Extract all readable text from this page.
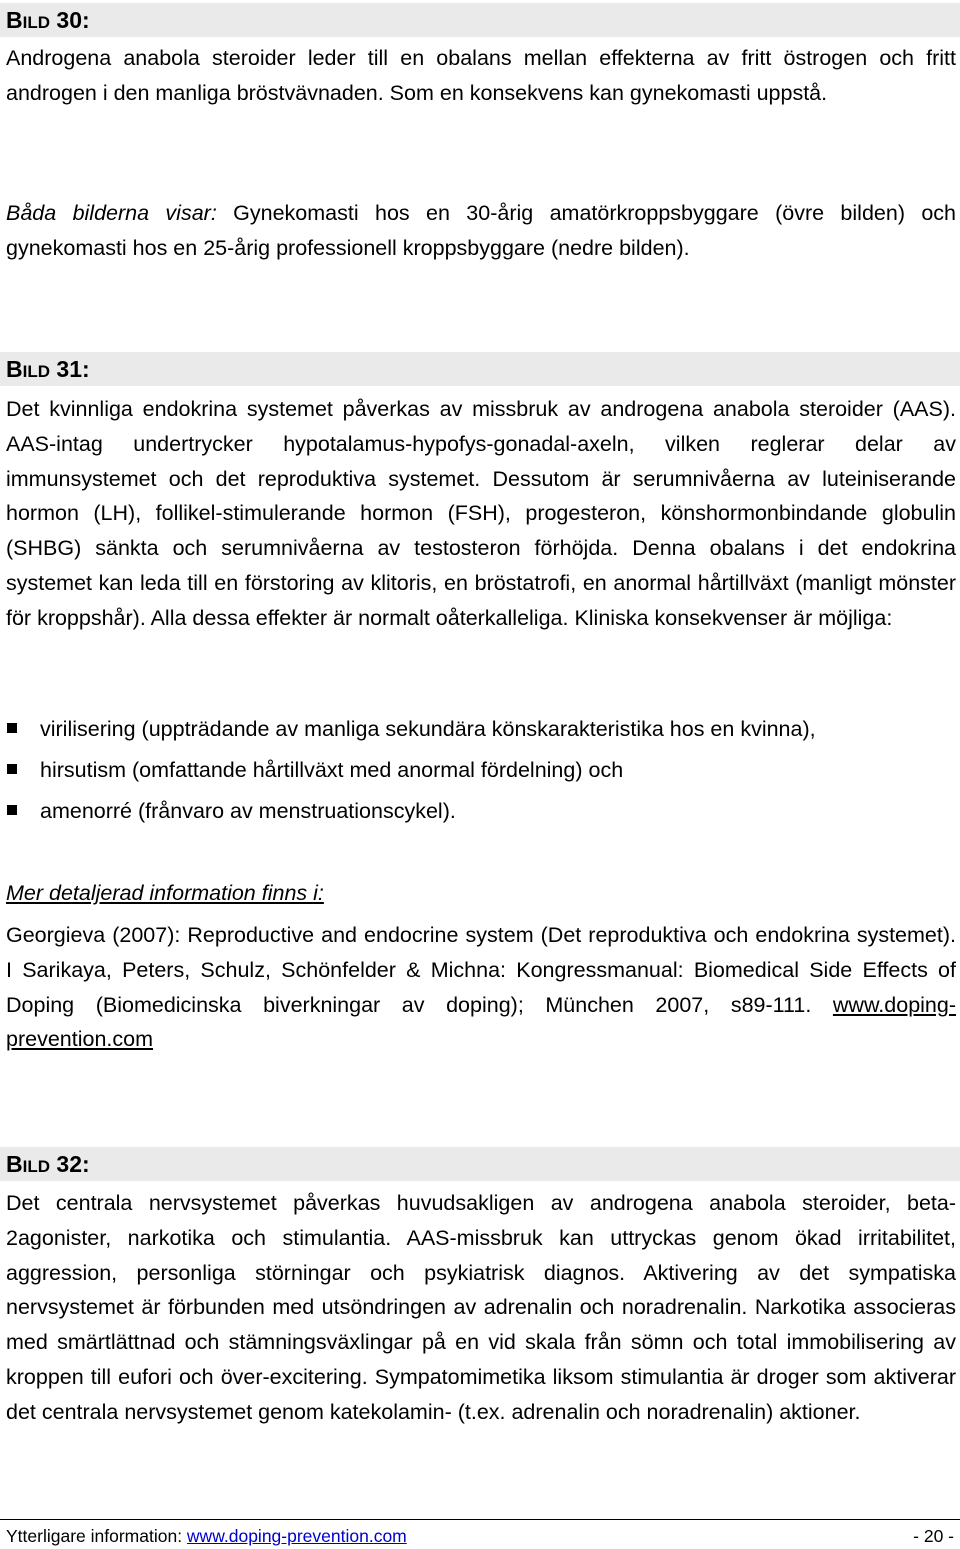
BILD 30:

Androgena anabola steroider leder till en obalans mellan effekterna av fritt östrogen och fritt androgen i den manliga bröstvävnaden. Som en konsekvens kan gynekomasti uppstå.

Båda bilderna visar: Gynekomasti hos en 30-årig amatörkroppsbyggare (övre bilden) och gynekomasti hos en 25-årig professionell kroppsbyggare (nedre bilden).

BILD 31:

Det kvinnliga endokrina systemet påverkas av missbruk av androgena anabola steroider (AAS). AAS-intag undertrycker hypotalamus-hypofys-gonadal-axeln, vilken reglerar delar av immunsystemet och det reproduktiva systemet. Dessutom är serumnivåerna av luteiniserande hormon (LH), follikel-stimulerande hormon (FSH), progesteron, könshormonbindande globulin (SHBG) sänkta och serumnivåerna av testosteron förhöjda. Denna obalans i det endokrina systemet kan leda till en förstoring av klitoris, en bröstatrofi, en anormal hårtillväxt (manligt mönster för kroppshår). Alla dessa effekter är normalt oåterkalleliga. Kliniska konsekvenser är möjliga:

virilisering (uppträdande av manliga sekundära könskarakteristika hos en kvinna),
hirsutism (omfattande hårtillväxt med anormal fördelning) och
amenorré (frånvaro av menstruationscykel).

Mer detaljerad information finns i:

Georgieva (2007): Reproductive and endocrine system (Det reproduktiva och endokrina systemet). I Sarikaya, Peters, Schulz, Schönfelder & Michna: Kongressmanual: Biomedical Side Effects of Doping (Biomedicinska biverkningar av doping); München 2007, s89-111. www.doping-prevention.com

BILD 32:

Det centrala nervsystemet påverkas huvudsakligen av androgena anabola steroider, beta-2agonister, narkotika och stimulantia. AAS-missbruk kan uttryckas genom ökad irritabilitet, aggression, personliga störningar och psykiatrisk diagnos. Aktivering av det sympatiska nervsystemet är förbunden med utsöndringen av adrenalin och noradrenalin. Narkotika associeras med smärtlättnad och stämningsväxlingar på en vid skala från sömn och total immobilisering av kroppen till eufori och över-excitering. Sympatomimetika liksom stimulantia är droger som aktiverar det centrala nervsystemet genom katekolamin- (t.ex. adrenalin och noradrenalin) aktioner.

Ytterligare information: www.doping-prevention.com	- 20 -
